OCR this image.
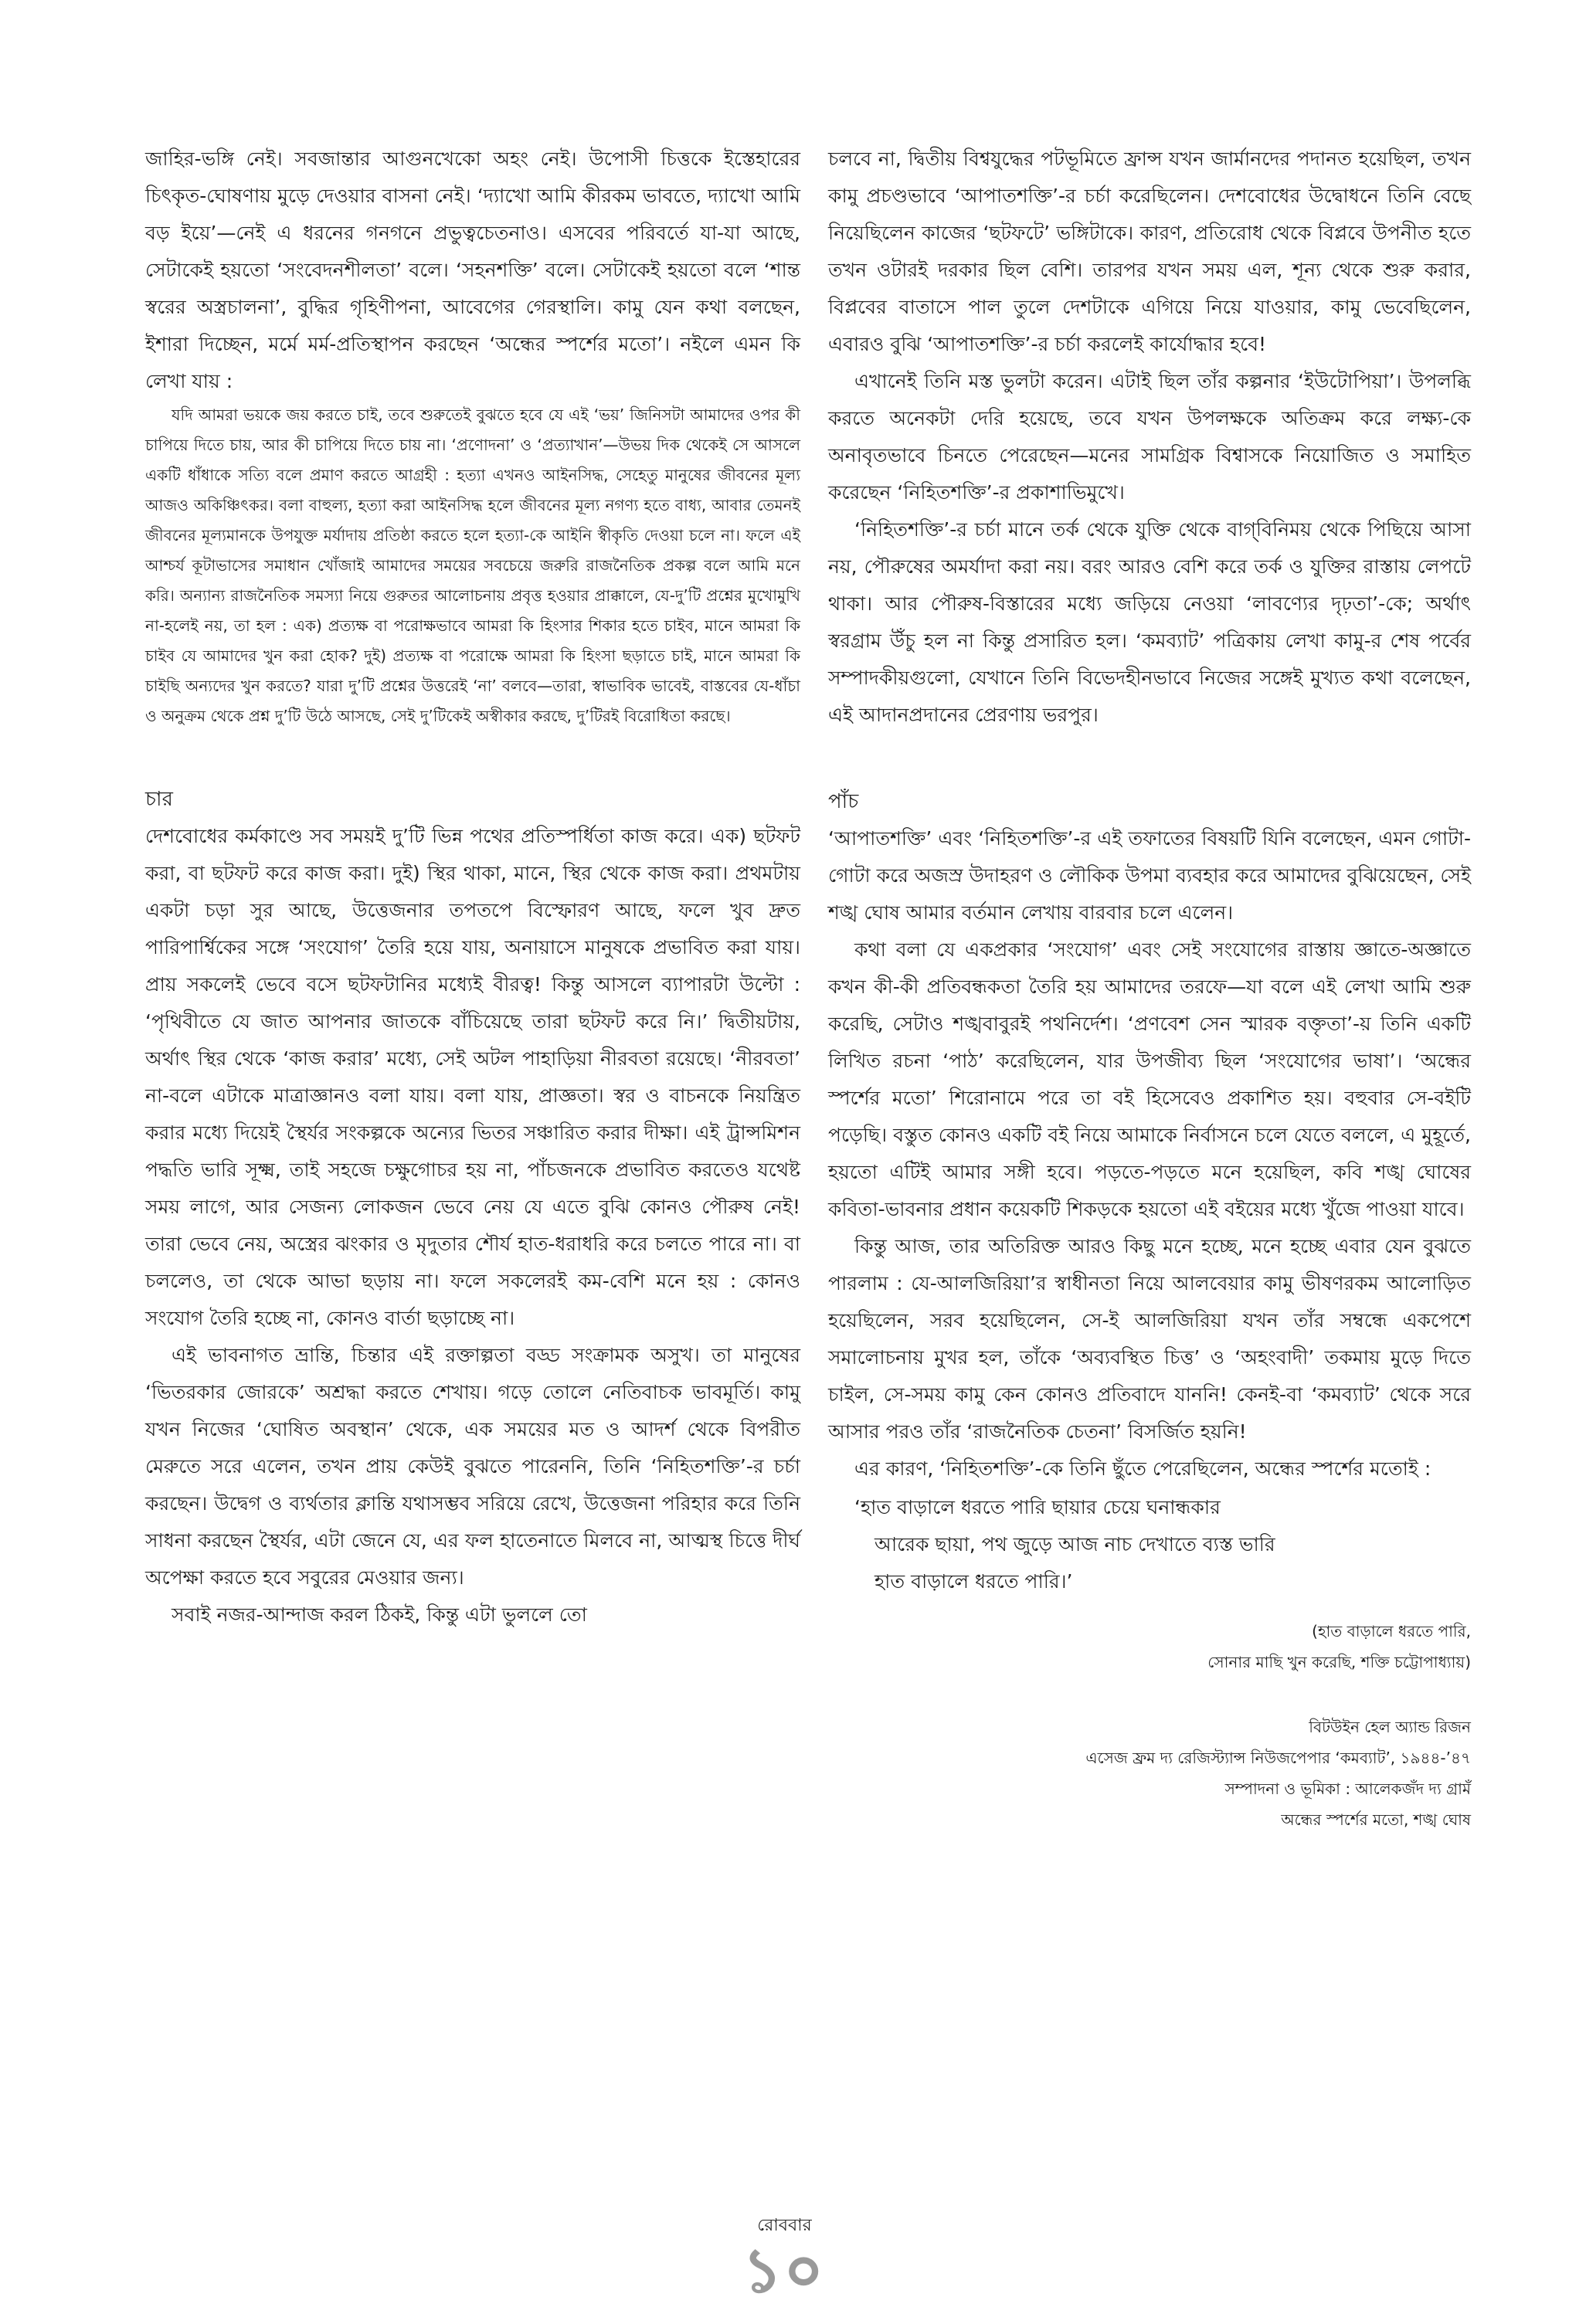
জাহির-ভঙ্গি নেই। সবজান্তার আগুনখেকো অহং নেই। উপোসী চিত্তকে ইস্তেহারের চিৎকৃত-ঘোষণায় মুড়ে দেওয়ার বাসনা নেই। ‘দ্যাখো আমি কীরকম ভাবতে, দ্যাখো আমি বড় ইয়ে’—নেই এ ধরনের গনগনে প্রভুত্বচেতনাও। এসবের পরিবর্তে যা-যা আছে, সেটাকেই হয়তো ‘সংবেদনশীলতা’ বলে। ‘সহনশক্তি’ বলে। সেটাকেই হয়তো বলে ‘শান্ত স্বরের অস্ত্রচালনা’, বুদ্ধির গৃহিণীপনা, আবেগের গেরস্থালি। কামু যেন কথা বলছেন, ইশারা দিচ্ছেন, মর্মে মর্ম-প্রতিস্থাপন করছেন ‘অন্ধের স্পর্শের মতো’। নইলে এমন কি লেখা যায় :

যদি আমরা ভয়কে জয় করতে চাই, তবে শুরুতেই বুঝতে হবে যে এই ‘ভয়’ জিনিসটা আমাদের ওপর কী চাপিয়ে দিতে চায়, আর কী চাপিয়ে দিতে চায় না। ‘প্রণোদনা’ ও ‘প্রত্যাখান’—উভয় দিক থেকেই সে আসলে একটি ধাঁধাকে সত্যি বলে প্রমাণ করতে আগ্রহী : হত্যা এখনও আইনসিদ্ধ, সেহেতু মানুষের জীবনের মূল্য আজও অকিঞ্চিৎকর। বলা বাহুল্য, হত্যা করা আইনসিদ্ধ হলে জীবনের মূল্য নগণ্য হতে বাধ্য, আবার তেমনই জীবনের মূল্যমানকে উপযুক্ত মর্যাদায় প্রতিষ্ঠা করতে হলে হত্যা-কে আইনি স্বীকৃতি দেওয়া চলে না। ফলে এই আশ্চর্য কূটাভাসের সমাধান খোঁজাই আমাদের সময়ের সবচেয়ে জরুরি রাজনৈতিক প্রকল্প বলে আমি মনে করি। অন্যান্য রাজনৈতিক সমস্যা নিয়ে গুরুতর আলোচনায় প্রবৃত্ত হওয়ার প্রাক্কালে, যে-দু’টি প্রশ্নের মুখোমুখি না-হলেই নয়, তা হল : এক) প্রত্যক্ষ বা পরোক্ষভাবে আমরা কি হিংসার শিকার হতে চাইব, মানে আমরা কি চাইব যে আমাদের খুন করা হোক? দুই) প্রত্যক্ষ বা পরোক্ষে আমরা কি হিংসা ছড়াতে চাই, মানে আমরা কি চাইছি অন্যদের খুন করতে? যারা দু’টি প্রশ্নের উত্তরেই ‘না’ বলবে—তারা, স্বাভাবিক ভাবেই, বাস্তবের যে-ধাঁচা ও অনুক্রম থেকে প্রশ্ন দু’টি উঠে আসছে, সেই দু’টিকেই অস্বীকার করছে, দু’টিরই বিরোধিতা করছে।

চার

দেশবোধের কর্মকাণ্ডে সব সময়ই দু’টি ভিন্ন পথের প্রতিস্পর্ধিতা কাজ করে। এক) ছটফট করা, বা ছটফট করে কাজ করা। দুই) স্থির থাকা, মানে, স্থির থেকে কাজ করা। প্রথমটায় একটা চড়া সুর আছে, উত্তেজনার তপতপে বিস্ফোরণ আছে, ফলে খুব দ্রুত পারিপার্শ্বিকের সঙ্গে ‘সংযোগ’ তৈরি হয়ে যায়, অনায়াসে মানুষকে প্রভাবিত করা যায়। প্রায় সকলেই ভেবে বসে ছটফটানির মধ্যেই বীরত্ব! কিন্তু আসলে ব্যাপারটা উল্টো : ‘পৃথিবীতে যে জাত আপনার জাতকে বাঁচিয়েছে তারা ছটফট করে নি।’ দ্বিতীয়টায়, অর্থাৎ স্থির থেকে ‘কাজ করার’ মধ্যে, সেই অটল পাহাড়িয়া নীরবতা রয়েছে। ‘নীরবতা’ না-বলে এটাকে মাত্রাজ্ঞানও বলা যায়। বলা যায়, প্রাজ্ঞতা। স্বর ও বাচনকে নিয়ন্ত্রিত করার মধ্যে দিয়েই স্থৈর্যর সংকল্পকে অন্যের ভিতর সঞ্চারিত করার দীক্ষা। এই ট্রান্সমিশন পদ্ধতি ভারি সূক্ষ্ম, তাই সহজে চক্ষুগোচর হয় না, পাঁচজনকে প্রভাবিত করতেও যথেষ্ট সময় লাগে, আর সেজন্য লোকজন ভেবে নেয় যে এতে বুঝি কোনও পৌরুষ নেই! তারা ভেবে নেয়, অস্ত্রের ঝংকার ও মৃদুতার শৌর্য হাত-ধরাধরি করে চলতে পারে না। বা চললেও, তা থেকে আভা ছড়ায় না। ফলে সকলেরই কম-বেশি মনে হয় : কোনও সংযোগ তৈরি হচ্ছে না, কোনও বার্তা ছড়াচ্ছে না।

এই ভাবনাগত ভ্রান্তি, চিন্তার এই রক্তাল্পতা বড্ড সংক্রামক অসুখ। তা মানুষের ‘ভিতরকার জোরকে’ অশ্রদ্ধা করতে শেখায়। গড়ে তোলে নেতিবাচক ভাবমূর্তি। কামু যখন নিজের ‘ঘোষিত অবস্থান’ থেকে, এক সময়ের মত ও আদর্শ থেকে বিপরীত মেরুতে সরে এলেন, তখন প্রায় কেউই বুঝতে পারেননি, তিনি ‘নিহিতশক্তি’-র চর্চা করছেন। উদ্বেগ ও ব্যর্থতার ক্লান্তি যথাসম্ভব সরিয়ে রেখে, উত্তেজনা পরিহার করে তিনি সাধনা করছেন স্থৈর্যর, এটা জেনে যে, এর ফল হাতেনাতে মিলবে না, আত্মস্থ চিত্তে দীর্ঘ অপেক্ষা করতে হবে সবুরের মেওয়ার জন্য।

সবাই নজর-আন্দাজ করল ঠিকই, কিন্তু এটা ভুললে তো

চলবে না, দ্বিতীয় বিশ্বযুদ্ধের পটভূমিতে ফ্রান্স যখন জার্মানদের পদানত হয়েছিল, তখন কামু প্রচণ্ডভাবে ‘আপাতশক্তি’-র চর্চা করেছিলেন। দেশবোধের উদ্বোধনে তিনি বেছে নিয়েছিলেন কাজের ‘ছটফটে’ ভঙ্গিটাকে। কারণ, প্রতিরোধ থেকে বিপ্লবে উপনীত হতে তখন ওটারই দরকার ছিল বেশি। তারপর যখন সময় এল, শূন্য থেকে শুরু করার, বিপ্লবের বাতাসে পাল তুলে দেশটাকে এগিয়ে নিয়ে যাওয়ার, কামু ভেবেছিলেন, এবারও বুঝি ‘আপাতশক্তি’-র চর্চা করলেই কার্যোদ্ধার হবে!

এখানেই তিনি মস্ত ভুলটা করেন। এটাই ছিল তাঁর কল্পনার ‘ইউটোপিয়া’। উপলব্ধি করতে অনেকটা দেরি হয়েছে, তবে যখন উপলক্ষকে অতিক্রম করে লক্ষ্য-কে অনাবৃতভাবে চিনতে পেরেছেন—মনের সামগ্রিক বিশ্বাসকে নিয়োজিত ও সমাহিত করেছেন ‘নিহিতশক্তি’-র প্রকাশাভিমুখে।

‘নিহিতশক্তি’-র চর্চা মানে তর্ক থেকে যুক্তি থেকে বাগ্‌বিনিময় থেকে পিছিয়ে আসা নয়, পৌরুষের অমর্যাদা করা নয়। বরং আরও বেশি করে তর্ক ও যুক্তির রাস্তায় লেপটে থাকা। আর পৌরুষ-বিস্তারের মধ্যে জড়িয়ে নেওয়া ‘লাবণ্যের দৃঢ়তা’-কে; অর্থাৎ স্বরগ্রাম উঁচু হল না কিন্তু প্রসারিত হল। ‘কমব্যাট’ পত্রিকায় লেখা কামু-র শেষ পর্বের সম্পাদকীয়গুলো, যেখানে তিনি বিভেদহীনভাবে নিজের সঙ্গেই মুখ্যত কথা বলেছেন, এই আদানপ্রদানের প্রেরণায় ভরপুর।

পাঁচ

‘আপাতশক্তি’ এবং ‘নিহিতশক্তি’-র এই তফাতের বিষয়টি যিনি বলেছেন, এমন গোটা-গোটা করে অজস্র উদাহরণ ও লৌকিক উপমা ব্যবহার করে আমাদের বুঝিয়েছেন, সেই শঙ্খ ঘোষ আমার বর্তমান লেখায় বারবার চলে এলেন।

কথা বলা যে একপ্রকার ‘সংযোগ’ এবং সেই সংযোগের রাস্তায় জ্ঞাতে-অজ্ঞাতে কখন কী-কী প্রতিবন্ধকতা তৈরি হয় আমাদের তরফে—যা বলে এই লেখা আমি শুরু করেছি, সেটাও শঙ্খবাবুরই পথনির্দেশ। ‘প্রণবেশ সেন স্মারক বক্তৃতা’-য় তিনি একটি লিখিত রচনা ‘পাঠ’ করেছিলেন, যার উপজীব্য ছিল ‘সংযোগের ভাষা’। ‘অন্ধের স্পর্শের মতো’ শিরোনামে পরে তা বই হিসেবেও প্রকাশিত হয়। বহুবার সে-বইটি পড়েছি। বস্তুত কোনও একটি বই নিয়ে আমাকে নির্বাসনে চলে যেতে বললে, এ মুহূর্তে, হয়তো এটিই আমার সঙ্গী হবে। পড়তে-পড়তে মনে হয়েছিল, কবি শঙ্খ ঘোষের কবিতা-ভাবনার প্রধান কয়েকটি শিকড়কে হয়তো এই বইয়ের মধ্যে খুঁজে পাওয়া যাবে।

কিন্তু আজ, তার অতিরিক্ত আরও কিছু মনে হচ্ছে, মনে হচ্ছে এবার যেন বুঝতে পারলাম : যে-আলজিরিয়া’র স্বাধীনতা নিয়ে আলবেয়ার কামু ভীষণরকম আলোড়িত হয়েছিলেন, সরব হয়েছিলেন, সে-ই আলজিরিয়া যখন তাঁর সম্বন্ধে একপেশে সমালোচনায় মুখর হল, তাঁকে ‘অব্যবস্থিত চিত্ত’ ও ‘অহংবাদী’ তকমায় মুড়ে দিতে চাইল, সে-সময় কামু কেন কোনও প্রতিবাদে যাননি! কেনই-বা ‘কমব্যাট’ থেকে সরে আসার পরও তাঁর ‘রাজনৈতিক চেতনা’ বিসর্জিত হয়নি!

এর কারণ, ‘নিহিতশক্তি’-কে তিনি ছুঁতে পেরেছিলেন, অন্ধের স্পর্শের মতোই :

‘হাত বাড়ালে ধরতে পারি ছায়ার চেয়ে ঘনান্ধকার
আরেক ছায়া, পথ জুড়ে আজ নাচ দেখাতে ব্যস্ত ভারি
হাত বাড়ালে ধরতে পারি।’

(হাত বাড়ালে ধরতে পারি,
সোনার মাছি খুন করেছি, শক্তি চট্টোপাধ্যায়)

বিটউইন হেল অ্যান্ড রিজন
এসেজ ফ্রম দ্য রেজিস্ট্যান্স নিউজপেপার ‘কমব্যাট’, ১৯৪৪-’৪৭
সম্পাদনা ও ভূমিকা : আলেকজঁদ দ্য গ্রামঁ
অন্ধের স্পর্শের মতো, শঙ্খ ঘোষ

রোববার
১০
